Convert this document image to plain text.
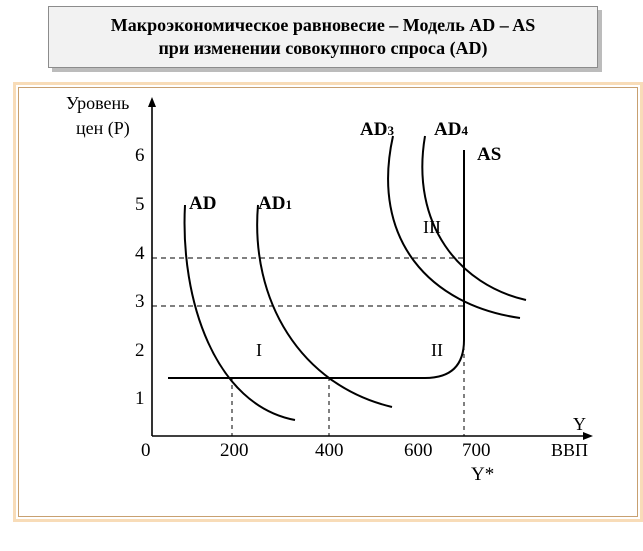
Макроэкономическое равновесие – Модель AD – AS
при изменении совокупного спроса (AD)
Уровень
цен (P)
Y
ВВП
1
2
3
4
5
6
0	200	400	600 700
Y*
AD AD1
AD3 AD4
AS
I	II
III
